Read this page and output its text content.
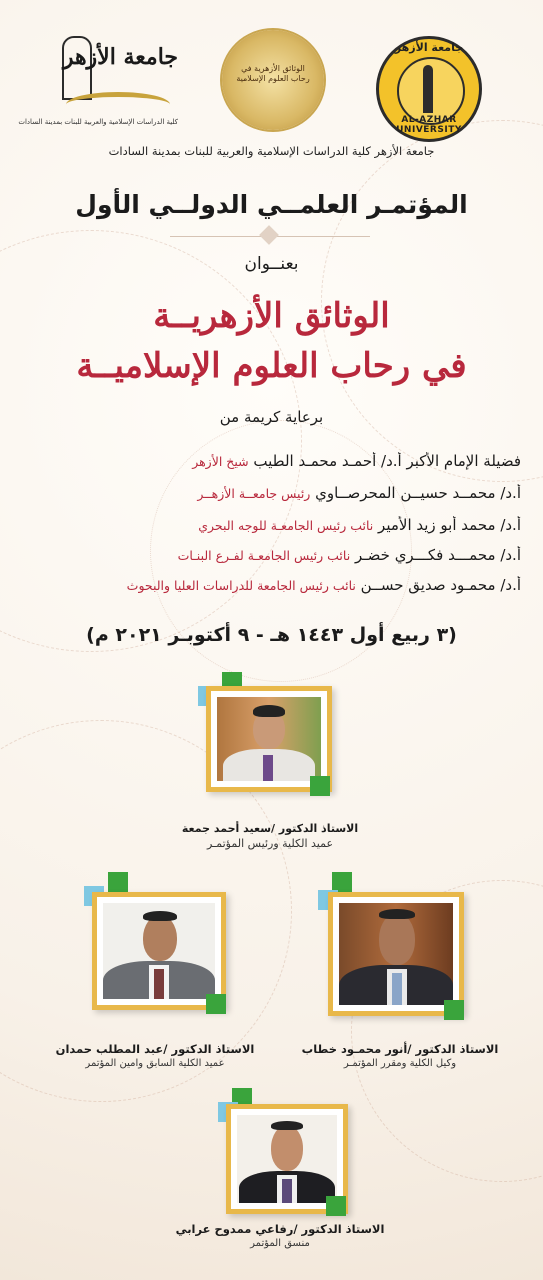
جامعة الأزهر
كلية الدراسات الإسلامية والعربية للبنات بمدينة السادات
الوثائق الأزهرية في رحاب العلوم الإسلامية
جامعة الأزهر
AL-AZHAR UNIVERSITY
جامعة الأزهر كلية الدراسات الإسلامية والعربية للبنات بمدينة السادات
المؤتمـر العلمــي الدولــي الأول
بعنــوان
الوثائق الأزهريــة
في رحاب العلوم الإسلاميــة
برعاية كريمة من
فضيلة الإمام الأكبر أ.د/ أحمـد محمـد الطيب شيخ الأزهر
أ.د/ محمــد حسيــن المحرصــاوي رئيس جامعــة الأزهــر
أ.د/ محمد أبو زيد الأمير نائب رئيس الجامعـة للوجه البحري
أ.د/ محمـــد فكـــري خضـر نائب رئيس الجامعـة لفـرع البنـات
أ.د/ محمـود صديق حســن نائب رئيس الجامعة للدراسات العليا والبحوث
(٣ ربيع أول ١٤٤٣ هـ - ٩ أكتوبـر ٢٠٢١ م)
الاستاذ الدكتور /سعيد أحمد جمعة
عميد الكلية ورئيس المؤتمـر
الاستاذ الدكتور /عبد المطلب حمدان
عميد الكلية السابق وامين المؤتمر
الاستاذ الدكتور /أنور محمـود خطاب
وكيل الكلية ومقرر المؤتمـر
الاستاذ الدكتور /رفاعي ممدوح عرابي
منسق المؤتمر
